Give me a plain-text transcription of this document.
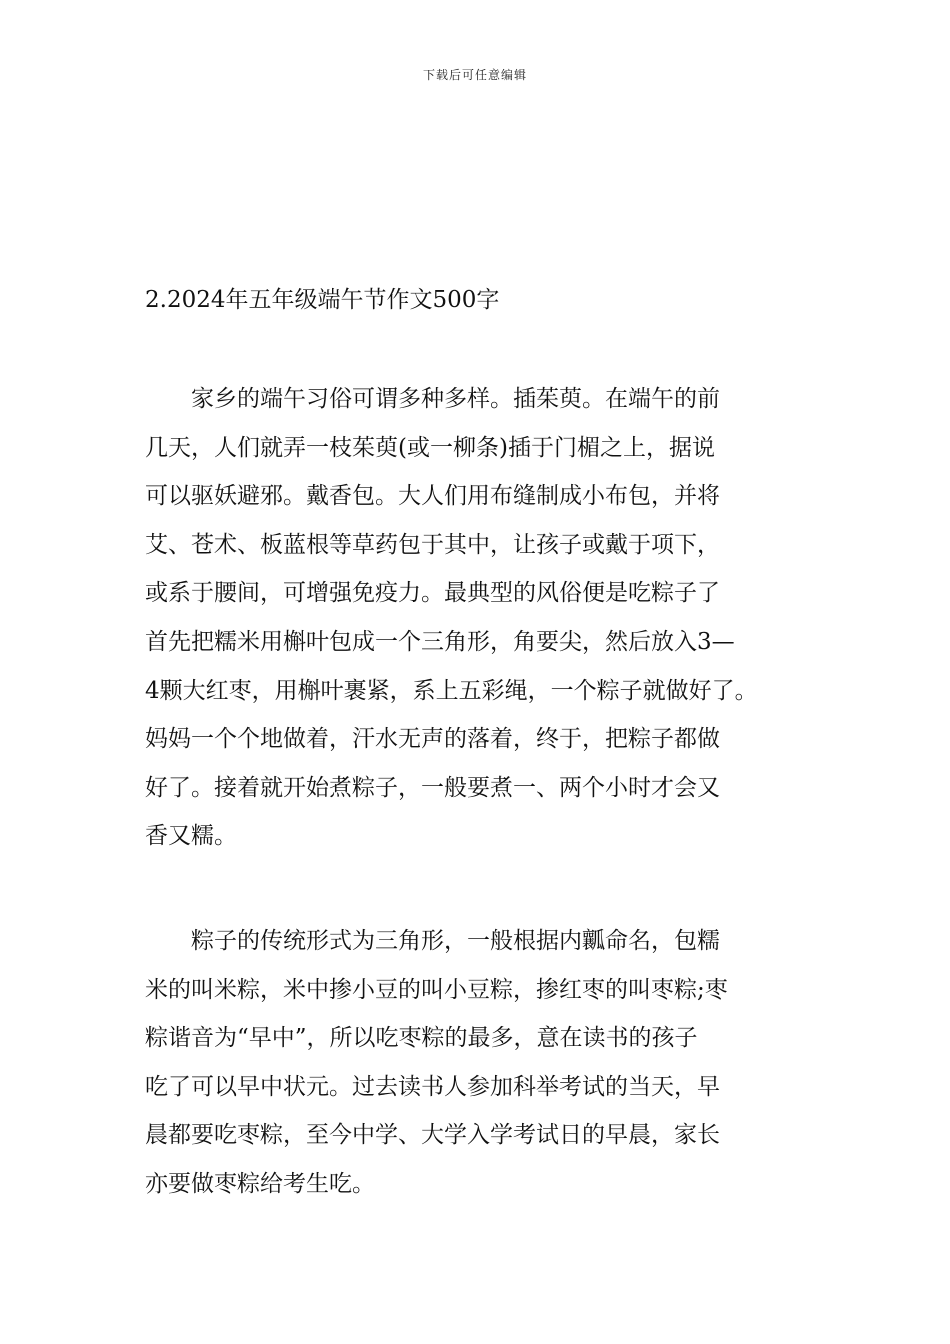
下载后可任意编辑
2.2024年五年级端午节作文500字
　　家乡的端午习俗可谓多种多样。插茱萸。在端午的前
几天，人们就弄一枝茱萸(或一柳条)插于门楣之上，据说
可以驱妖避邪。戴香包。大人们用布缝制成小布包，并将
艾、苍术、板蓝根等草药包于其中，让孩子或戴于项下，
或系于腰间，可增强免疫力。最典型的风俗便是吃粽子了
首先把糯米用槲叶包成一个三角形，角要尖，然后放入3—
4颗大红枣，用槲叶裹紧，系上五彩绳，一个粽子就做好了。
妈妈一个个地做着，汗水无声的落着，终于，把粽子都做
好了。接着就开始煮粽子，一般要煮一、两个小时才会又
香又糯。
　　粽子的传统形式为三角形，一般根据内瓤命名，包糯
米的叫米粽，米中掺小豆的叫小豆粽，掺红枣的叫枣粽;枣
粽谐音为“早中”，所以吃枣粽的最多，意在读书的孩子
吃了可以早中状元。过去读书人参加科举考试的当天，早
晨都要吃枣粽，至今中学、大学入学考试日的早晨，家长
亦要做枣粽给考生吃。
